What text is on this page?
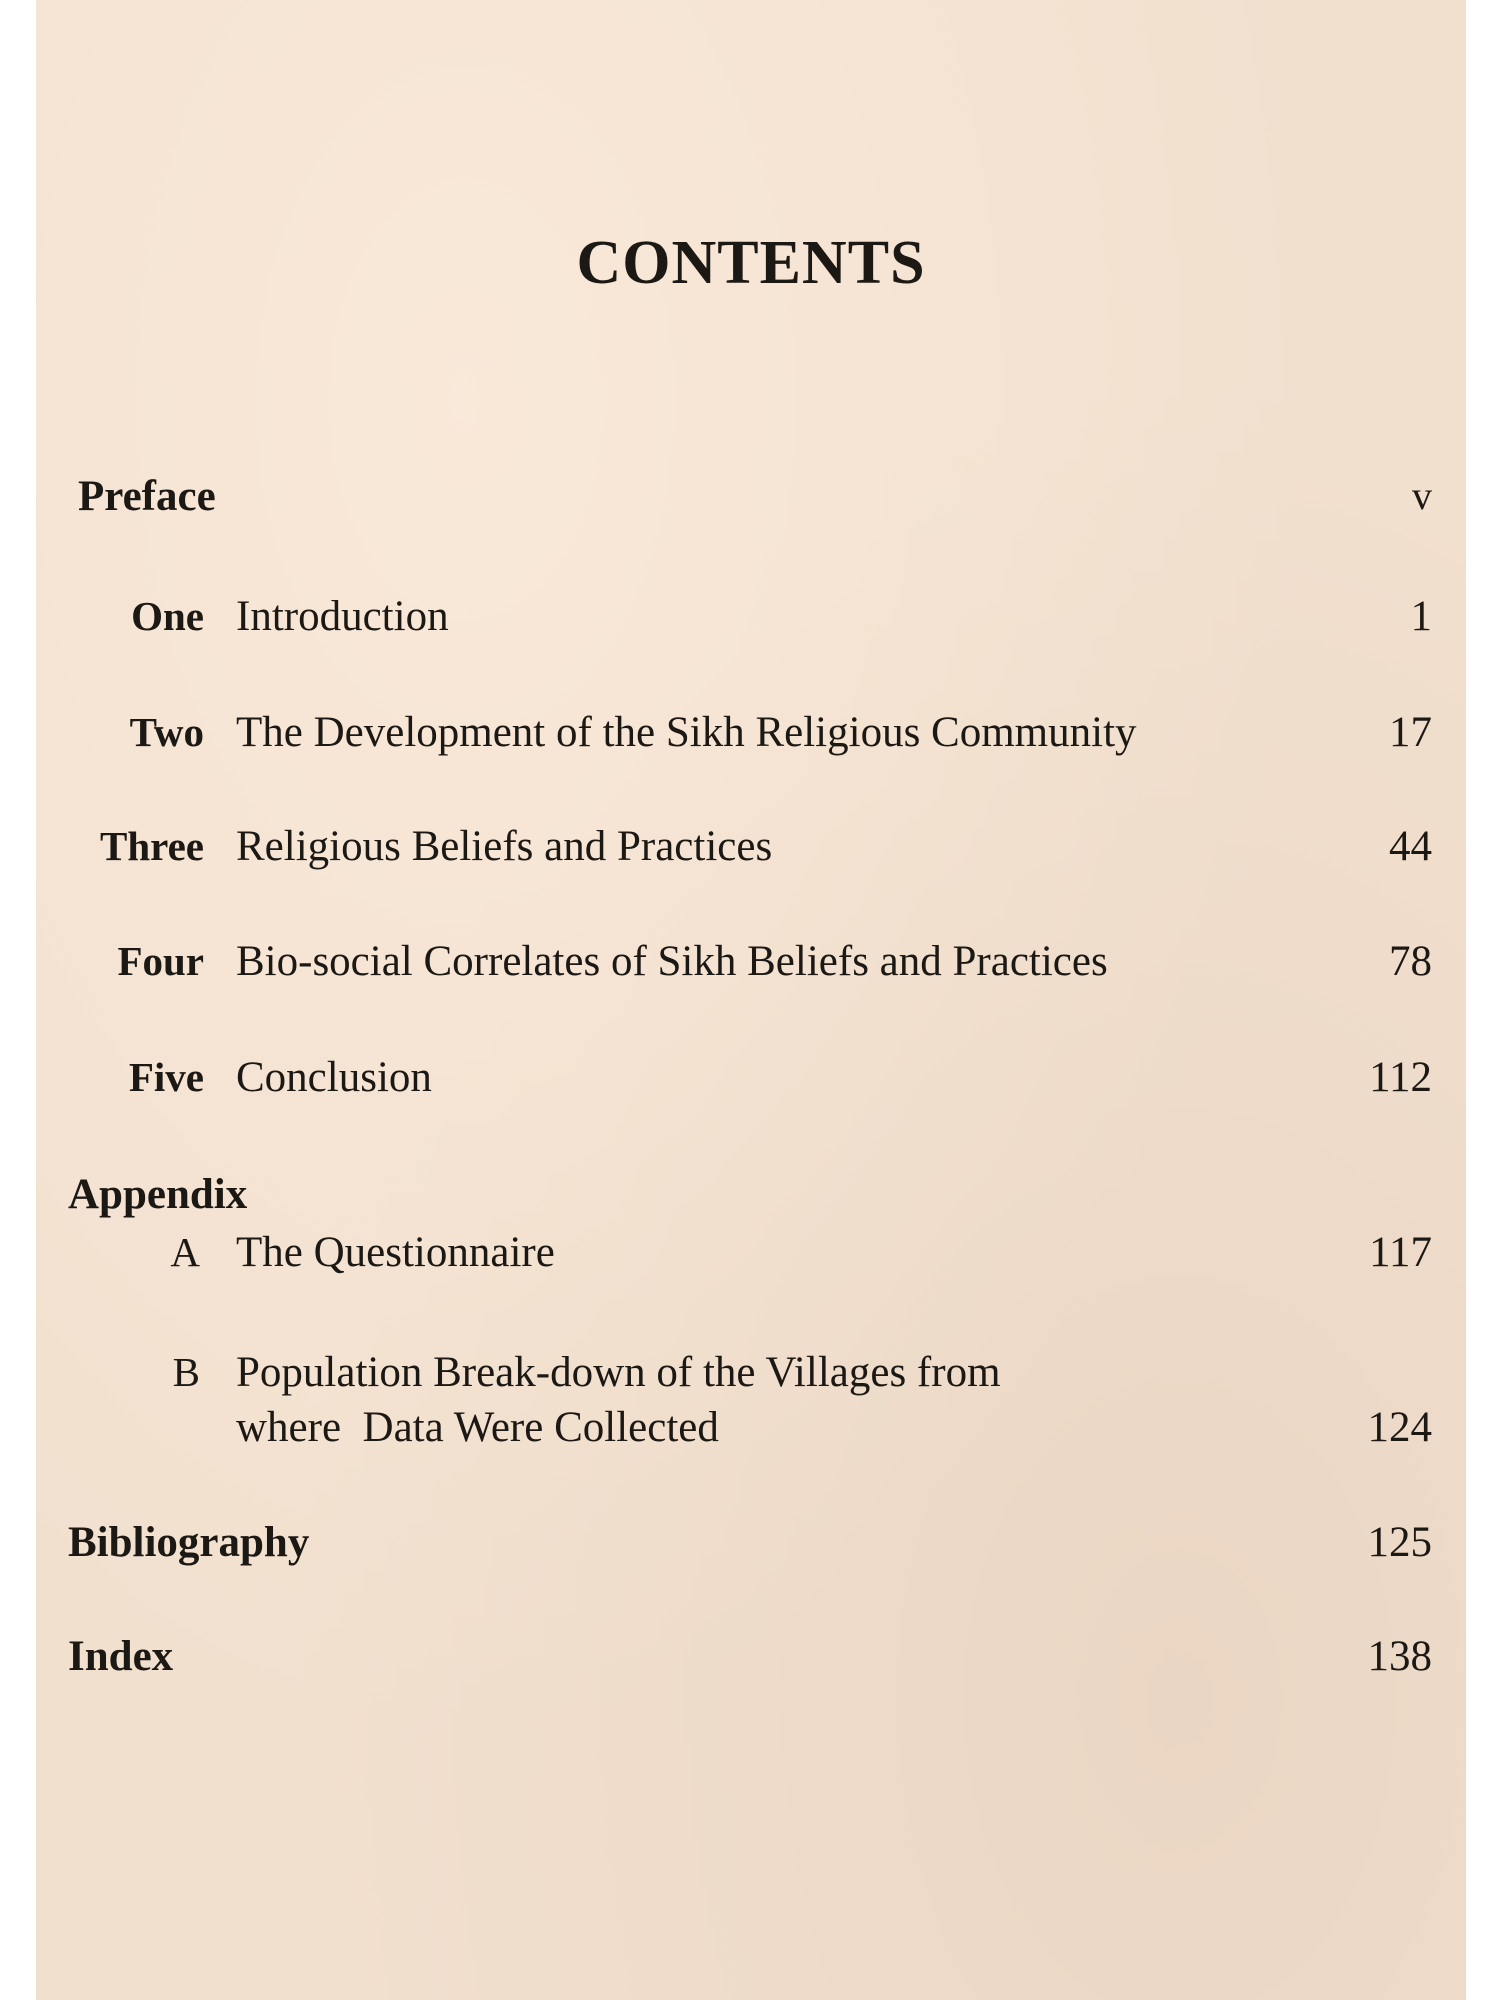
CONTENTS
Preface	v
One Introduction	1
Two The Development of the Sikh Religious Community	17
Three Religious Beliefs and Practices	44
Four Bio-social Correlates of Sikh Beliefs and Practices	78
Five Conclusion	112
Appendix
A The Questionnaire	117
B Population Break-down of the Villages from
where  Data Were Collected	124
Bibliography	125
Index	138
